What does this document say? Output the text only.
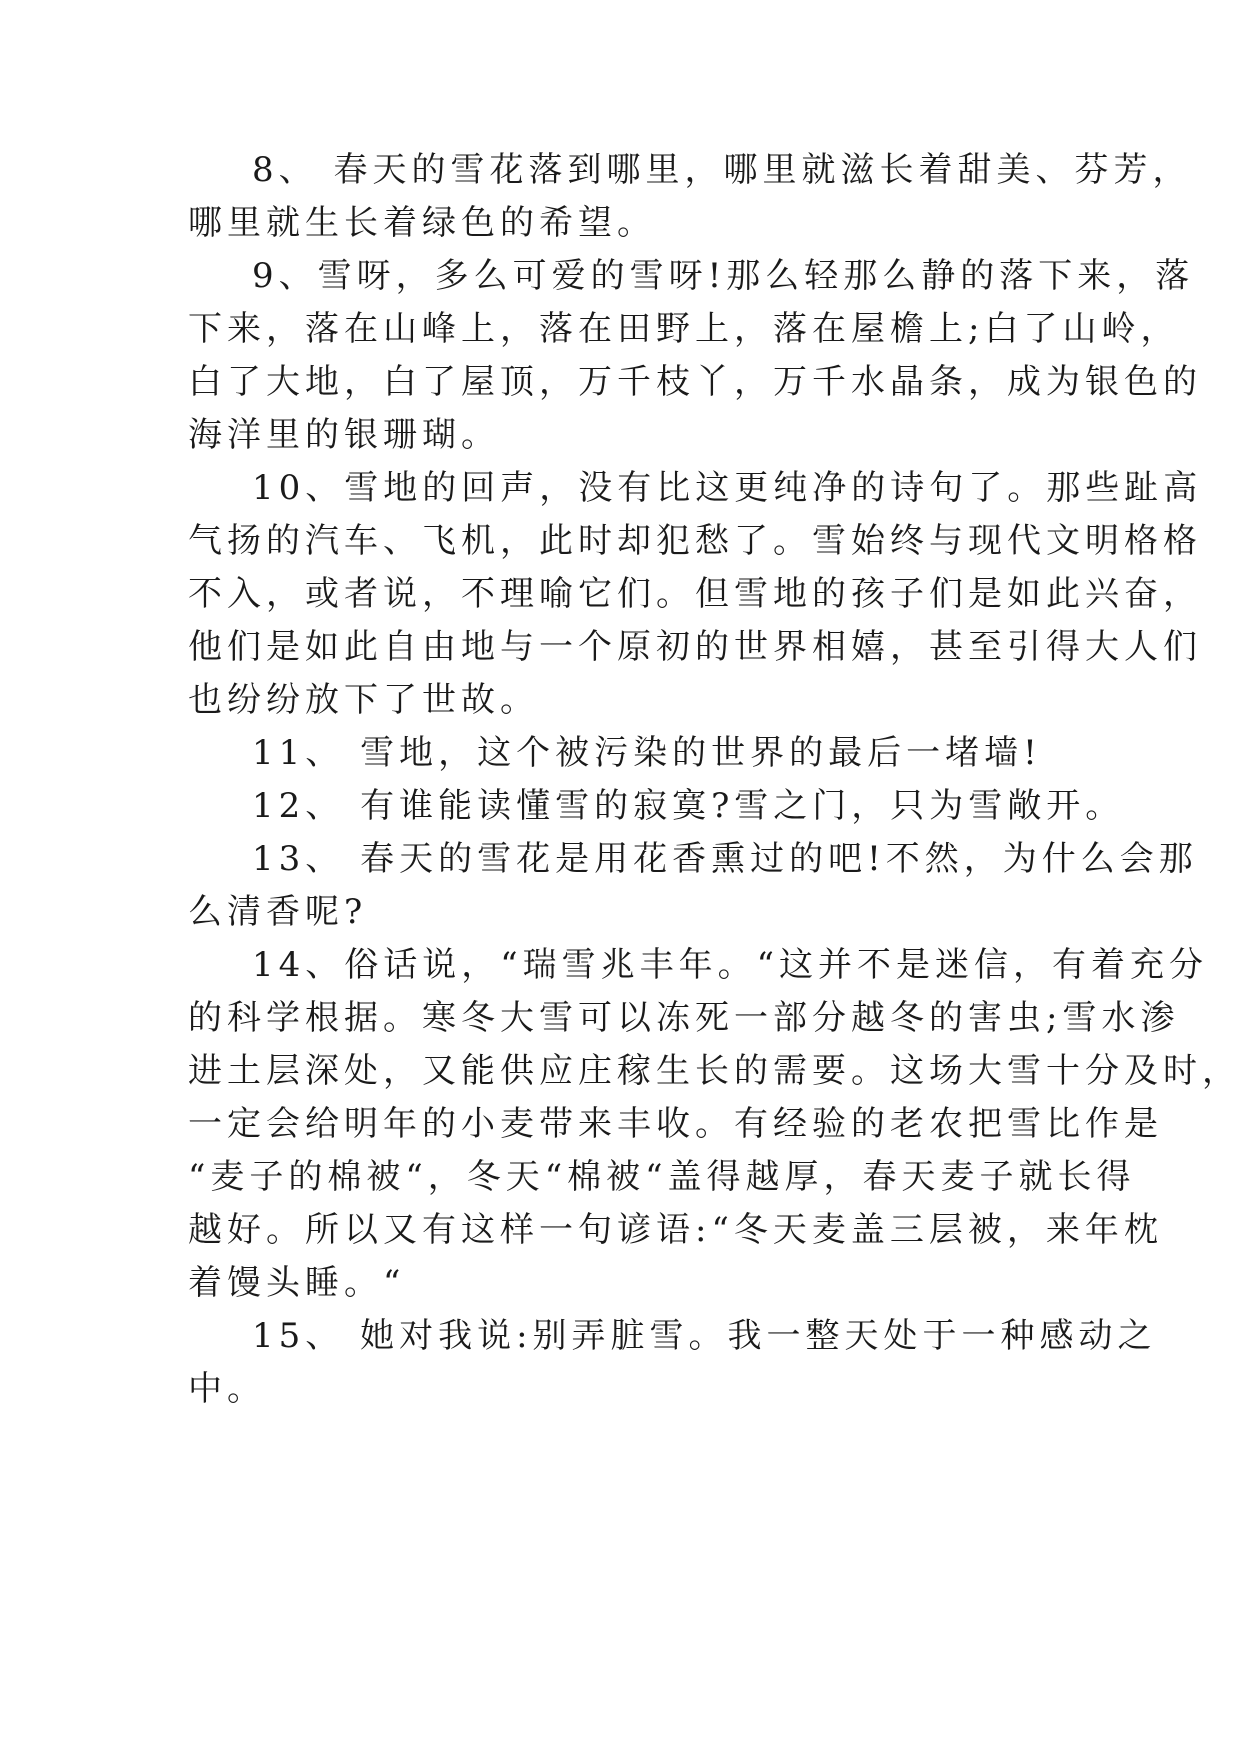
8、 春天的雪花落到哪里，哪里就滋长着甜美、芬芳，
哪里就生长着绿色的希望。
9、雪呀，多么可爱的雪呀!那么轻那么静的落下来，落
下来，落在山峰上，落在田野上，落在屋檐上;白了山岭，
白了大地，白了屋顶，万千枝丫，万千水晶条，成为银色的
海洋里的银珊瑚。
10、雪地的回声，没有比这更纯净的诗句了。那些趾高
气扬的汽车、飞机，此时却犯愁了。雪始终与现代文明格格
不入，或者说，不理喻它们。但雪地的孩子们是如此兴奋，
他们是如此自由地与一个原初的世界相嬉，甚至引得大人们
也纷纷放下了世故。
11、 雪地，这个被污染的世界的最后一堵墙!
12、 有谁能读懂雪的寂寞?雪之门，只为雪敞开。
13、 春天的雪花是用花香熏过的吧!不然，为什么会那
么清香呢?
14、俗话说，“瑞雪兆丰年。“这并不是迷信，有着充分
的科学根据。寒冬大雪可以冻死一部分越冬的害虫;雪水渗
进土层深处，又能供应庄稼生长的需要。这场大雪十分及时，
一定会给明年的小麦带来丰收。有经验的老农把雪比作是
“麦子的棉被“，冬天“棉被“盖得越厚，春天麦子就长得
越好。所以又有这样一句谚语:“冬天麦盖三层被，来年枕
着馒头睡。“
15、 她对我说:别弄脏雪。我一整天处于一种感动之
中。
